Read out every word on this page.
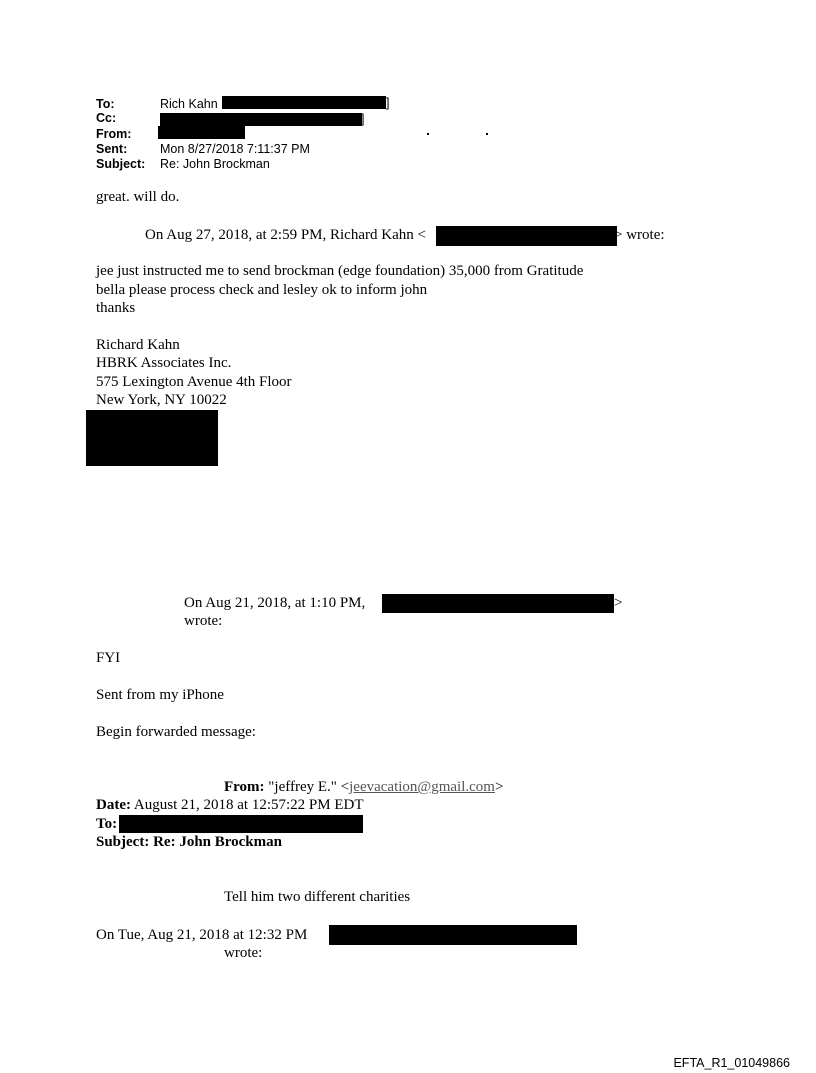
To:	Rich Kahn	]
Cc:	]
From:
Sent:	Mon 8/27/2018 7:11:37 PM
Subject: Re: John Brockman
great. will do.
On Aug 27, 2018, at 2:59 PM, Richard Kahn <	> wrote:
jee just instructed me to send brockman (edge foundation) 35,000 from Gratitude
bella please process check and lesley ok to inform john
thanks
Richard Kahn
HBRK Associates Inc.
575 Lexington Avenue 4th Floor
New York, NY 10022
On Aug 21, 2018, at 1:10 PM,	>
wrote:
FYI
Sent from my iPhone
Begin forwarded message:
From: "jeffrey E." <jeevacation@gmail.com>
Date: August 21, 2018 at 12:57:22 PM EDT
To:
Subject: Re: John Brockman
Tell him two different charities
On Tue, Aug 21, 2018 at 12:32 PM
wrote:
EFTA_R1_01049866
